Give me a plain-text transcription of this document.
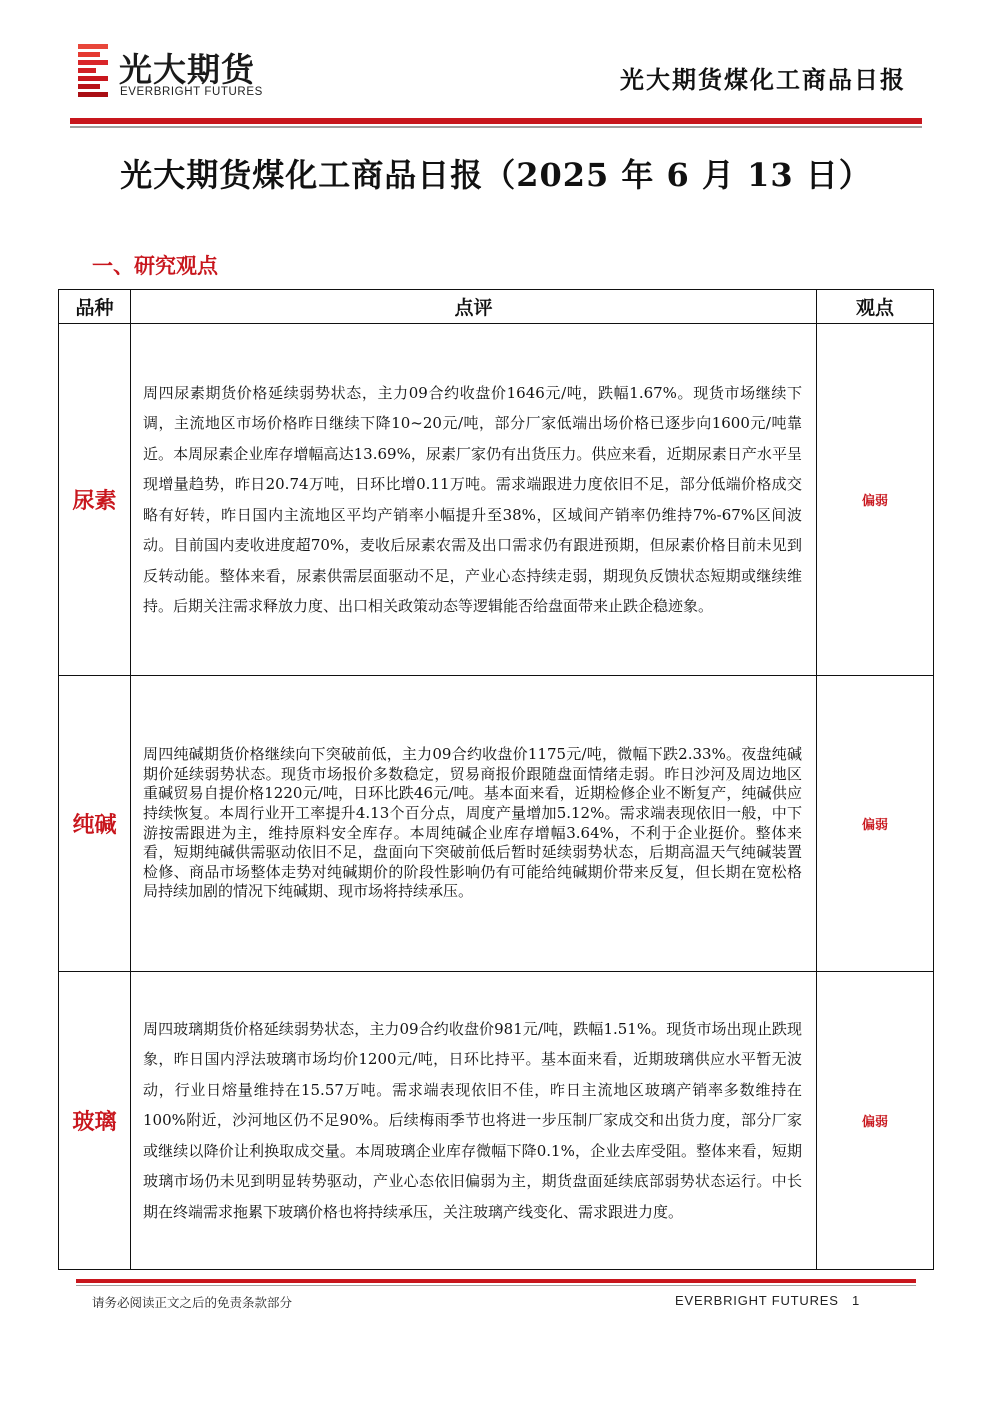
光大期货
EVERBRIGHT FUTURES	光大期货煤化工商品日报
光大期货煤化工商品日报（2025 年 6 月 13 日）
一、研究观点
品种	点评	观点
尿素	周四尿素期货价格延续弱势状态，主力09合约收盘价1646元/吨，跌幅1.67%。现货市场继续下调，主流地区市场价格昨日继续下降10~20元/吨，部分厂家低端出场价格已逐步向1600元/吨靠近。本周尿素企业库存增幅高达13.69%，尿素厂家仍有出货压力。供应来看，近期尿素日产水平呈现增量趋势，昨日20.74万吨，日环比增0.11万吨。需求端跟进力度依旧不足，部分低端价格成交略有好转，昨日国内主流地区平均产销率小幅提升至38%，区域间产销率仍维持7%-67%区间波动。目前国内麦收进度超70%，麦收后尿素农需及出口需求仍有跟进预期，但尿素价格目前未见到反转动能。整体来看，尿素供需层面驱动不足，产业心态持续走弱，期现负反馈状态短期或继续维持。后期关注需求释放力度、出口相关政策动态等逻辑能否给盘面带来止跌企稳迹象。	偏弱
纯碱	周四纯碱期货价格继续向下突破前低，主力09合约收盘价1175元/吨，微幅下跌2.33%。夜盘纯碱期价延续弱势状态。现货市场报价多数稳定，贸易商报价跟随盘面情绪走弱。昨日沙河及周边地区重碱贸易自提价格1220元/吨，日环比跌46元/吨。基本面来看，近期检修企业不断复产，纯碱供应持续恢复。本周行业开工率提升4.13个百分点，周度产量增加5.12%。需求端表现依旧一般，中下游按需跟进为主，维持原料安全库存。本周纯碱企业库存增幅3.64%，不利于企业挺价。整体来看，短期纯碱供需驱动依旧不足，盘面向下突破前低后暂时延续弱势状态，后期高温天气纯碱装置检修、商品市场整体走势对纯碱期价的阶段性影响仍有可能给纯碱期价带来反复，但长期在宽松格局持续加剧的情况下纯碱期、现市场将持续承压。	偏弱
玻璃	周四玻璃期货价格延续弱势状态，主力09合约收盘价981元/吨，跌幅1.51%。现货市场出现止跌现象，昨日国内浮法玻璃市场均价1200元/吨，日环比持平。基本面来看，近期玻璃供应水平暂无波动，行业日熔量维持在15.57万吨。需求端表现依旧不佳，昨日主流地区玻璃产销率多数维持在100%附近，沙河地区仍不足90%。后续梅雨季节也将进一步压制厂家成交和出货力度，部分厂家或继续以降价让利换取成交量。本周玻璃企业库存微幅下降0.1%，企业去库受阻。整体来看，短期玻璃市场仍未见到明显转势驱动，产业心态依旧偏弱为主，期货盘面延续底部弱势状态运行。中长期在终端需求拖累下玻璃价格也将持续承压，关注玻璃产线变化、需求跟进力度。	偏弱
请务必阅读正文之后的免责条款部分	EVERBRIGHT FUTURES 1
